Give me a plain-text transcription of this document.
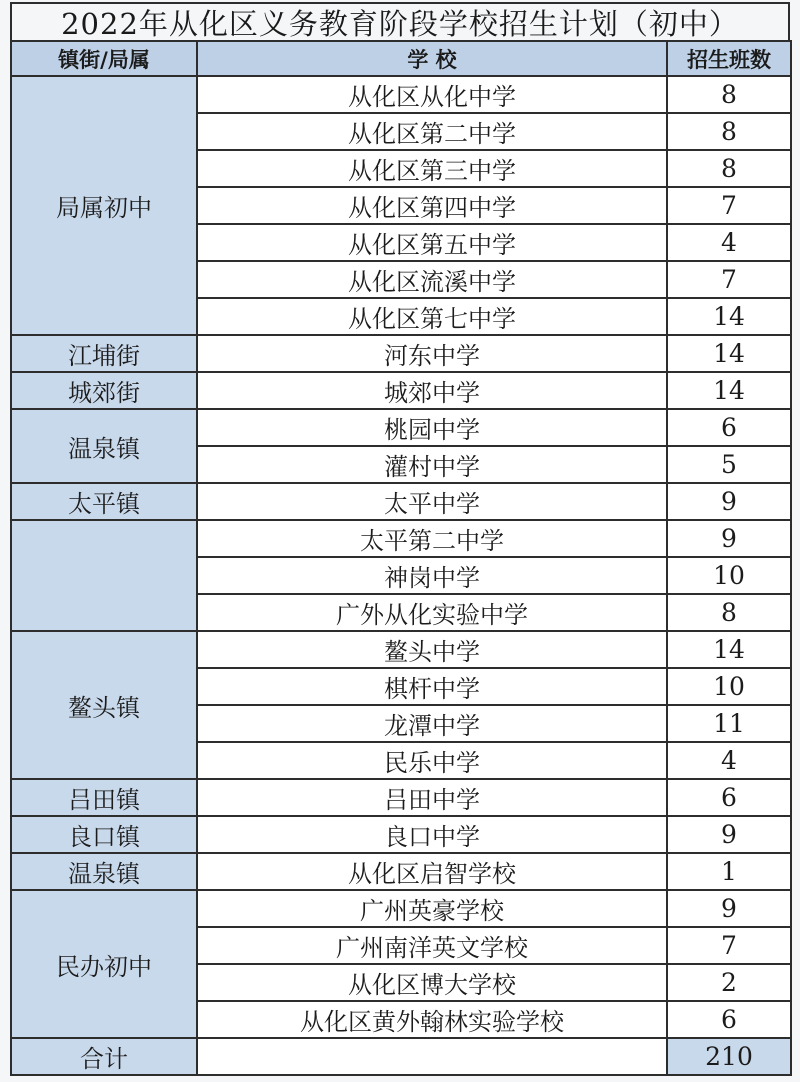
2022年从化区义务教育阶段学校招生计划（初中）
镇街/局属	学 校	招生班数
局属初中	从化区从化中学	8
	从化区第二中学	8
	从化区第三中学	8
	从化区第四中学	7
	从化区第五中学	4
	从化区流溪中学	7
	从化区第七中学	14
江埔街	河东中学	14
城郊街	城郊中学	14
温泉镇	桃园中学	6
	灌村中学	5
太平镇	太平中学	9
	太平第二中学	9
	神岗中学	10
	广外从化实验中学	8
鳌头镇	鳌头中学	14
	棋杆中学	10
	龙潭中学	11
	民乐中学	4
吕田镇	吕田中学	6
良口镇	良口中学	9
温泉镇	从化区启智学校	1
民办初中	广州英豪学校	9
	广州南洋英文学校	7
	从化区博大学校	2
	从化区黄外翰林实验学校	6
合计		210
